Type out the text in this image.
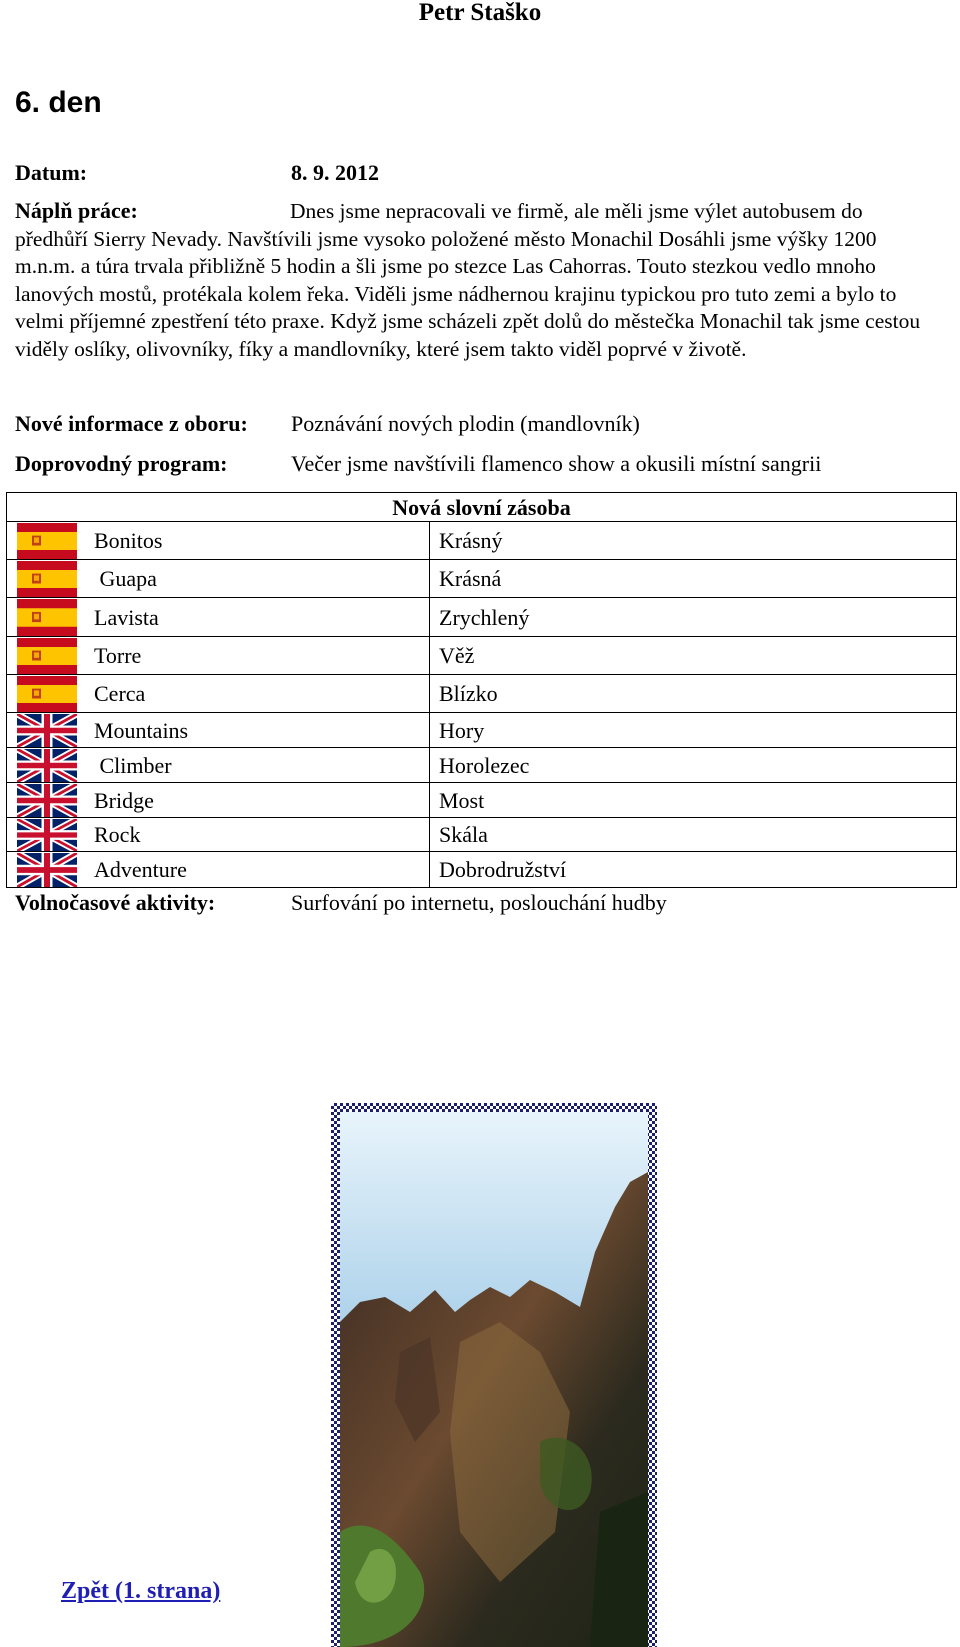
Petr Staško
6. den
Datum:	8. 9. 2012
Náplň práce:	Dnes jsme nepracovali ve firmě, ale měli jsme výlet autobusem do předhůří Sierry Nevady. Navštívili jsme vysoko položené město Monachil Dosáhli jsme výšky 1200 m.n.m. a túra trvala přibližně 5 hodin a šli jsme po stezce Las Cahorras. Touto stezkou vedlo mnoho lanových mostů, protékala kolem řeka. Viděli jsme nádhernou krajinu typickou pro tuto zemi a bylo to velmi příjemné zpestření této praxe. Když jsme scházeli zpět dolů do městečka Monachil tak jsme cestou viděly oslíky, olivovníky, fíky a mandlovníky, které jsem takto viděl poprvé v životě.
Nové informace z oboru: Poznávání nových plodin (mandlovník)
Doprovodný program:	Večer jsme navštívili flamenco show a okusili místní sangrii
Nová slovní zásoba
Bonitos	Krásný
Guapa	Krásná
Lavista	Zrychlený
Torre	Věž
Cerca	Blízko
Mountains	Hory
Climber	Horolezec
Bridge	Most
Rock	Skála
Adventure	Dobrodružství
Volnočasové aktivity:	Surfování po internetu, poslouchání hudby
Zpět (1. strana)
